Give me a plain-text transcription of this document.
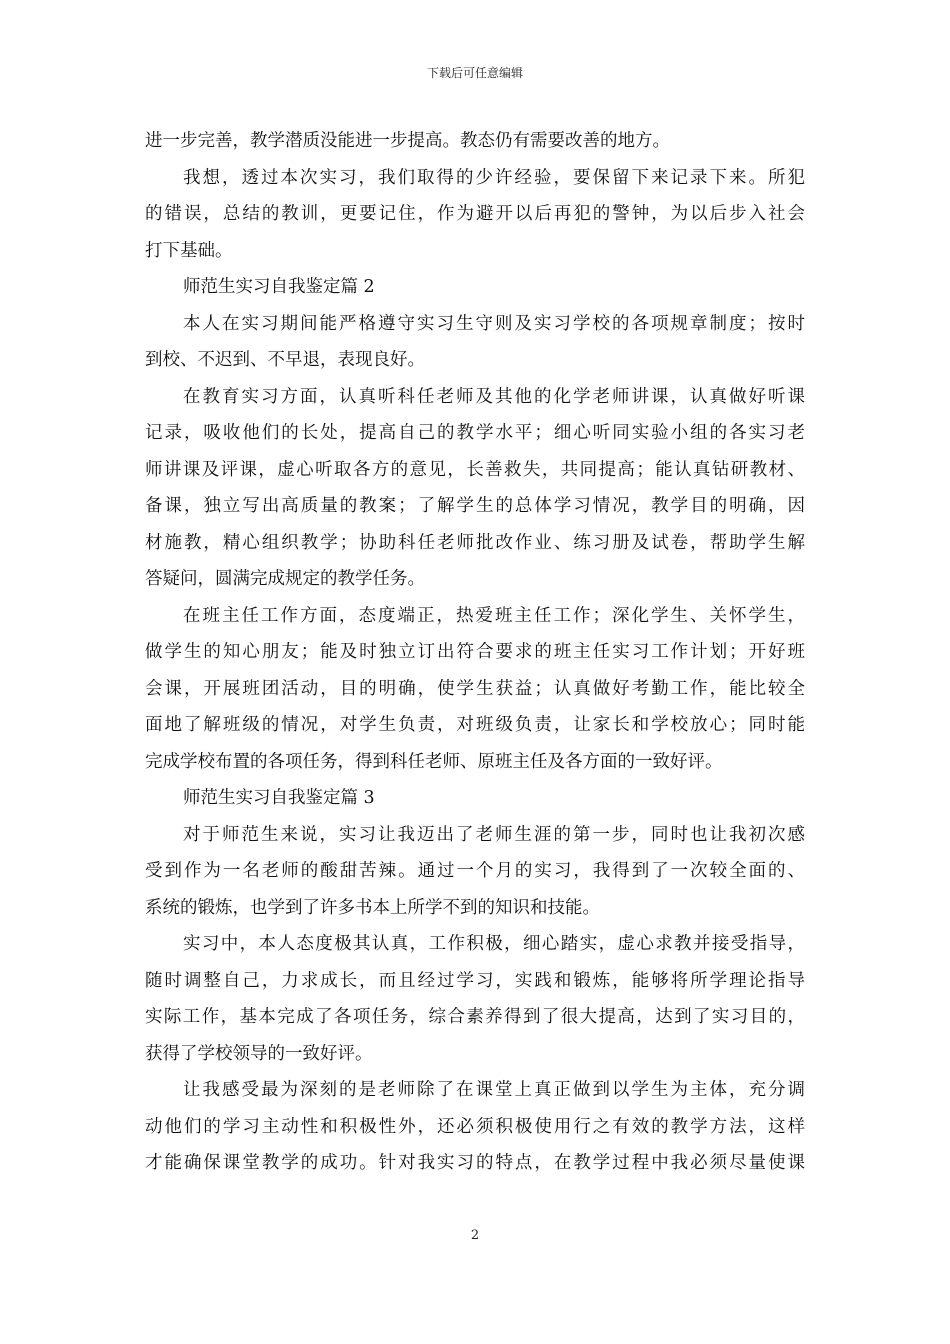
下载后可任意编辑
进一步完善，教学潜质没能进一步提高。教态仍有需要改善的地方。
我想，透过本次实习，我们取得的少许经验，要保留下来记录下来。所犯
的错误，总结的教训，更要记住，作为避开以后再犯的警钟，为以后步入社会
打下基础。
师范生实习自我鉴定篇 2
本人在实习期间能严格遵守实习生守则及实习学校的各项规章制度；按时
到校、不迟到、不早退，表现良好。
在教育实习方面，认真听科任老师及其他的化学老师讲课，认真做好听课
记录，吸收他们的长处，提高自己的教学水平；细心听同实验小组的各实习老
师讲课及评课，虚心听取各方的意见，长善救失，共同提高；能认真钻研教材、
备课，独立写出高质量的教案；了解学生的总体学习情况，教学目的明确，因
材施教，精心组织教学；协助科任老师批改作业、练习册及试卷，帮助学生解
答疑问，圆满完成规定的教学任务。
在班主任工作方面，态度端正，热爱班主任工作；深化学生、关怀学生，
做学生的知心朋友；能及时独立订出符合要求的班主任实习工作计划；开好班
会课，开展班团活动，目的明确，使学生获益；认真做好考勤工作，能比较全
面地了解班级的情况，对学生负责，对班级负责，让家长和学校放心；同时能
完成学校布置的各项任务，得到科任老师、原班主任及各方面的一致好评。
师范生实习自我鉴定篇 3
对于师范生来说，实习让我迈出了老师生涯的第一步，同时也让我初次感
受到作为一名老师的酸甜苦辣。通过一个月的实习，我得到了一次较全面的、
系统的锻炼，也学到了许多书本上所学不到的知识和技能。
实习中，本人态度极其认真，工作积极，细心踏实，虚心求教并接受指导，
随时调整自己，力求成长，而且经过学习，实践和锻炼，能够将所学理论指导
实际工作，基本完成了各项任务，综合素养得到了很大提高，达到了实习目的，
获得了学校领导的一致好评。
让我感受最为深刻的是老师除了在课堂上真正做到以学生为主体，充分调
动他们的学习主动性和积极性外，还必须积极使用行之有效的教学方法，这样
才能确保课堂教学的成功。针对我实习的特点，在教学过程中我必须尽量使课
2
